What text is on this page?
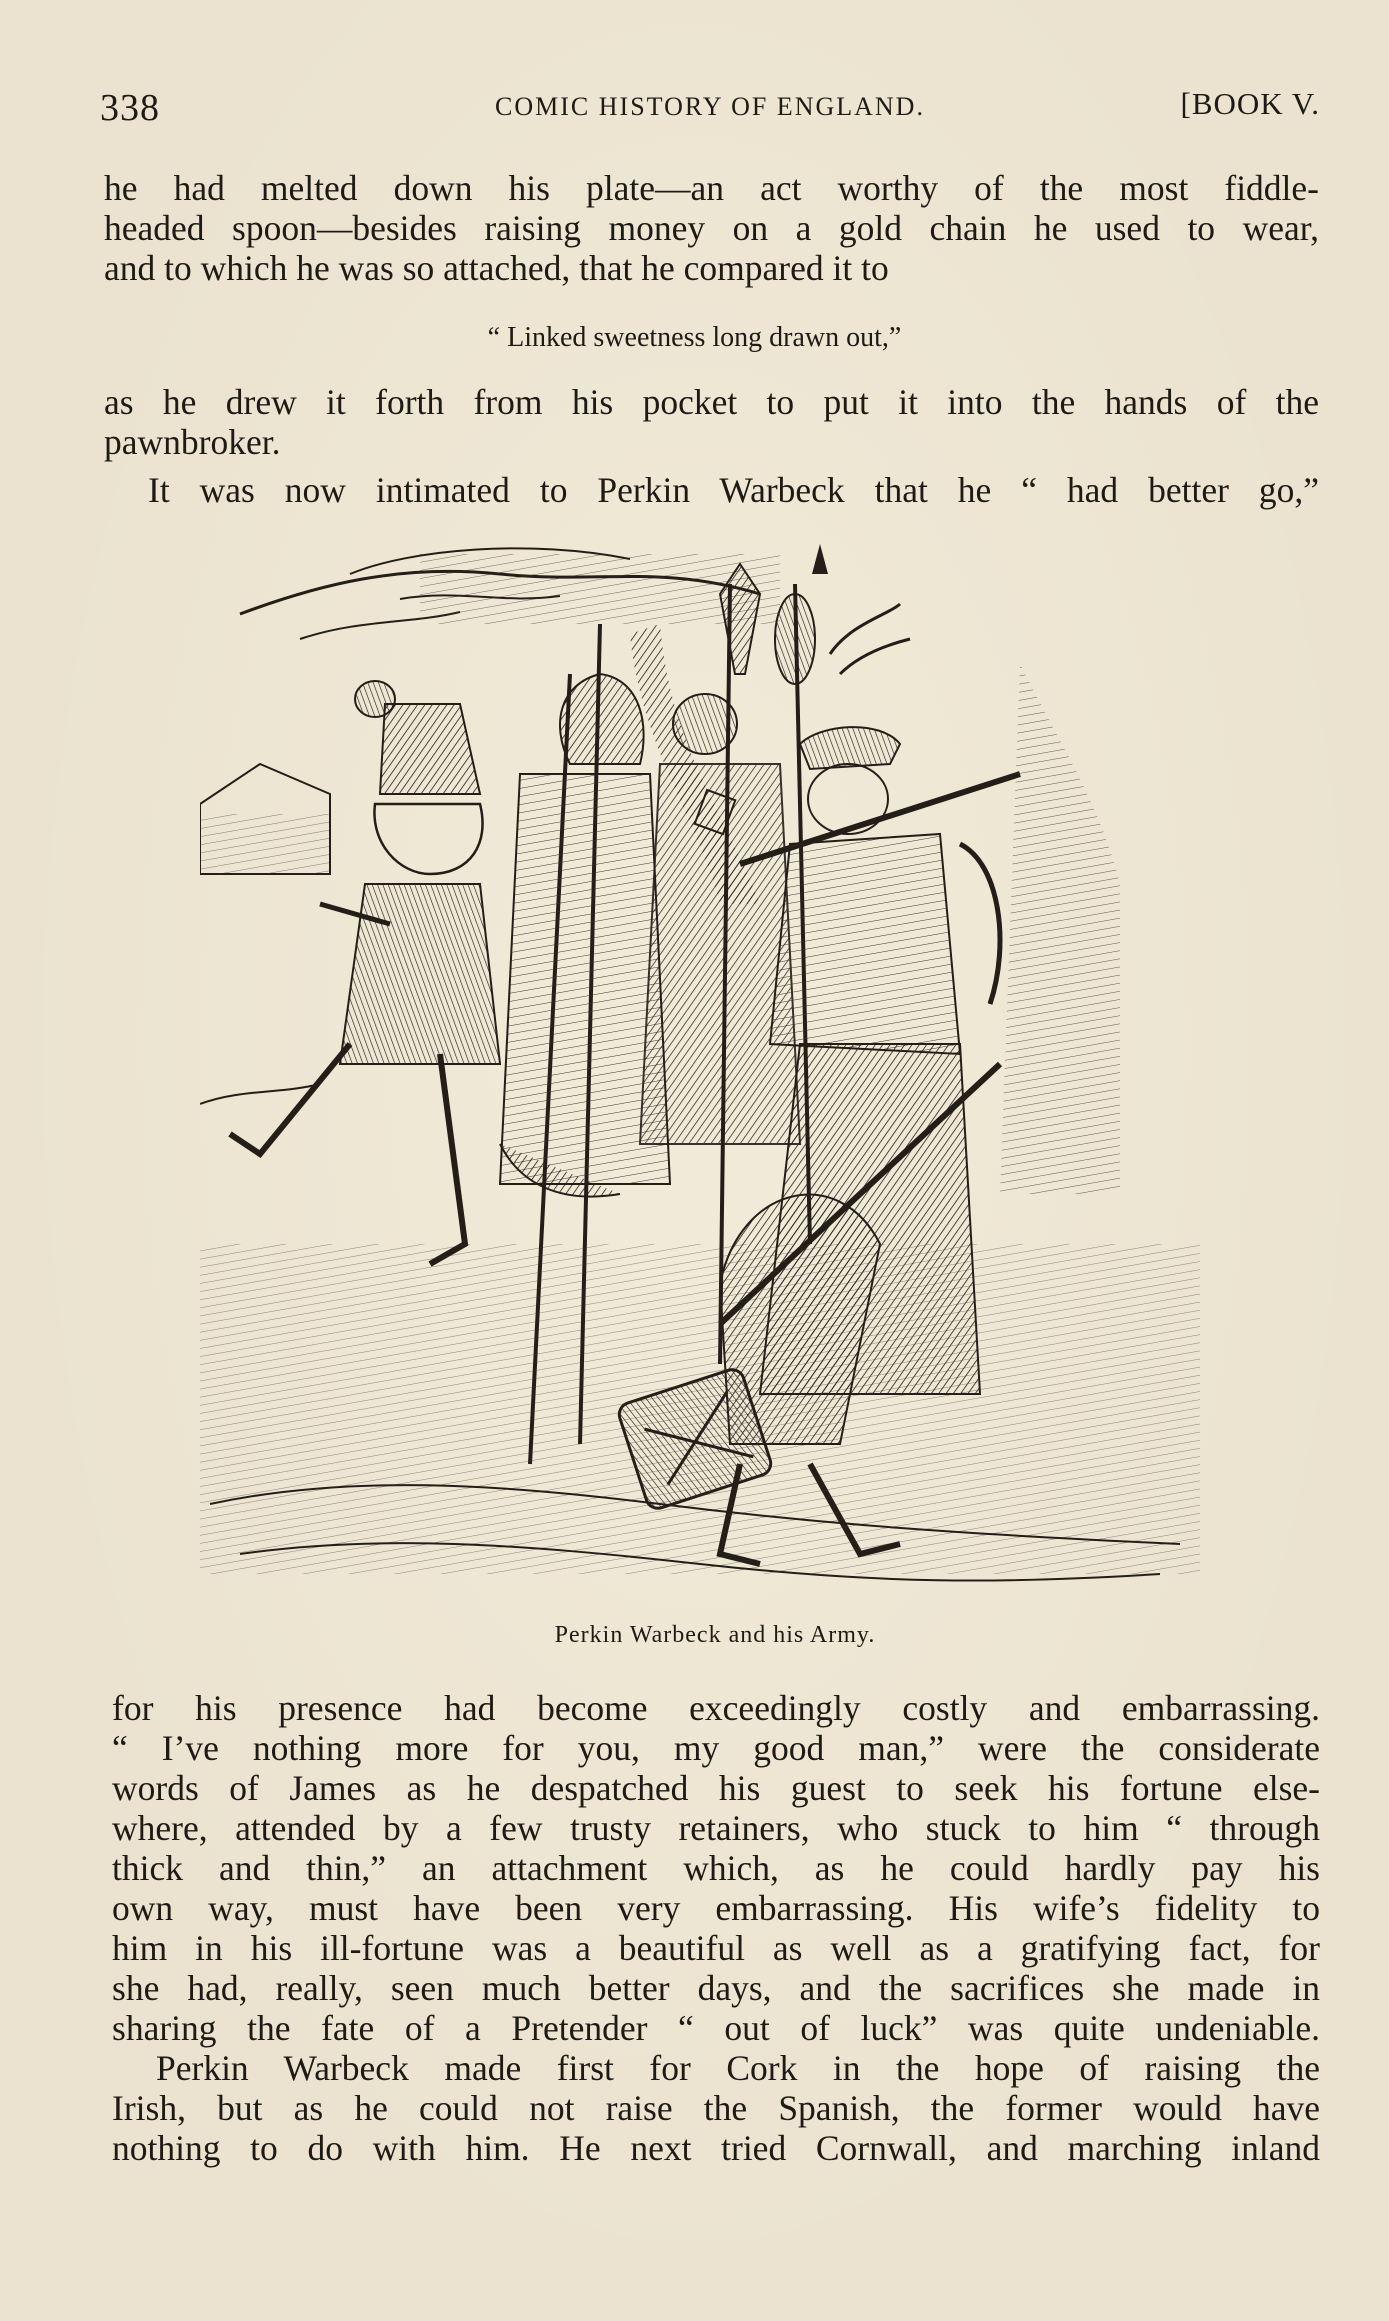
338	COMIC HISTORY OF ENGLAND.	[BOOK V.
he had melted down his plate—an act worthy of the most fiddle-
headed spoon—besides raising money on a gold chain he used to wear,
and to which he was so attached, that he compared it to
“ Linked sweetness long drawn out,”
as he drew it forth from his pocket to put it into the hands of the
pawnbroker.
It was now intimated to Perkin Warbeck that he “ had better go,”
Perkin Warbeck and his Army.
for his presence had become exceedingly costly and embarrassing.
“ I’ve nothing more for you, my good man,” were the considerate
words of James as he despatched his guest to seek his fortune else-
where, attended by a few trusty retainers, who stuck to him “ through
thick and thin,” an attachment which, as he could hardly pay his
own way, must have been very embarrassing. His wife’s fidelity to
him in his ill-fortune was a beautiful as well as a gratifying fact, for
she had, really, seen much better days, and the sacrifices she made in
sharing the fate of a Pretender “ out of luck” was quite undeniable.
Perkin Warbeck made first for Cork in the hope of raising the
Irish, but as he could not raise the Spanish, the former would have
nothing to do with him. He next tried Cornwall, and marching inland
